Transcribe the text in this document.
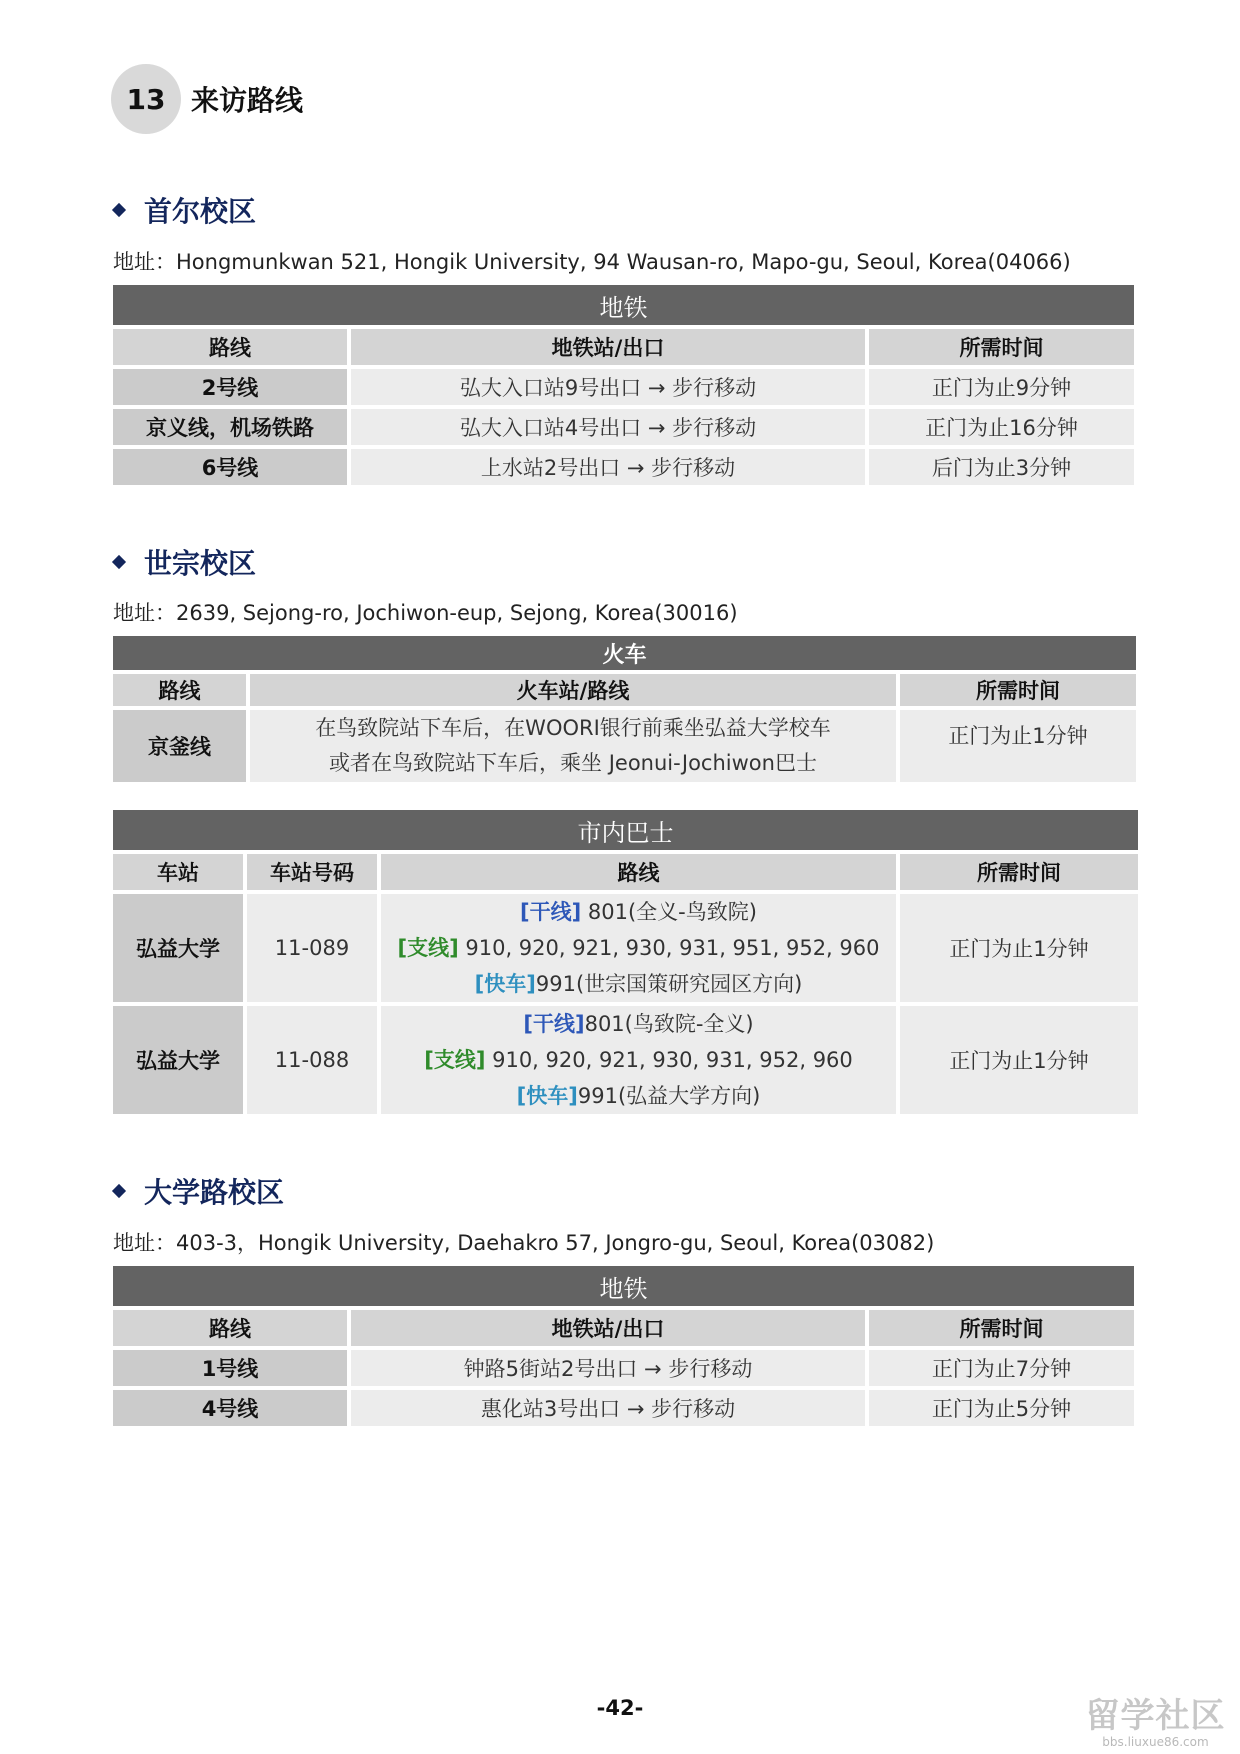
13 来访路线
首尔校区
地址：Hongmunkwan 521, Hongik University, 94 Wausan-ro, Mapo-gu, Seoul, Korea(04066)
地铁		
路线	地铁站/出口	所需时间
2号线	弘大入口站9号出口 → 步行移动	正门为止9分钟
京义线，机场铁路	弘大入口站4号出口 → 步行移动	正门为止16分钟
6号线	上水站2号出口 → 步行移动	后门为止3分钟
世宗校区
地址：2639, Sejong-ro, Jochiwon-eup, Sejong, Korea(30016)
火车		
路线	火车站/路线	所需时间
京釜线	在鸟致院站下车后，在WOORI银行前乘坐弘益大学校车
或者在鸟致院站下车后，乘坐 Jeonui-Jochiwon巴士	正门为止1分钟
市内巴士			
车站	车站号码	路线	所需时间
弘益大学	11-089	[干线] 801(全义-鸟致院)
[支线] 910, 920, 921, 930, 931, 951, 952, 960
[快车]991(世宗国策研究园区方向)	正门为止1分钟
弘益大学	11-088	[干线]801(鸟致院-全义)
[支线] 910, 920, 921, 930, 931, 952, 960
[快车]991(弘益大学方向)	正门为止1分钟
大学路校区
地址：403-3，Hongik University, Daehakro 57, Jongro-gu, Seoul, Korea(03082)
地铁		
路线	地铁站/出口	所需时间
1号线	钟路5街站2号出口 → 步行移动	正门为止7分钟
4号线	惠化站3号出口 → 步行移动	正门为止5分钟
-42-	留学社区
bbs.liuxue86.com
